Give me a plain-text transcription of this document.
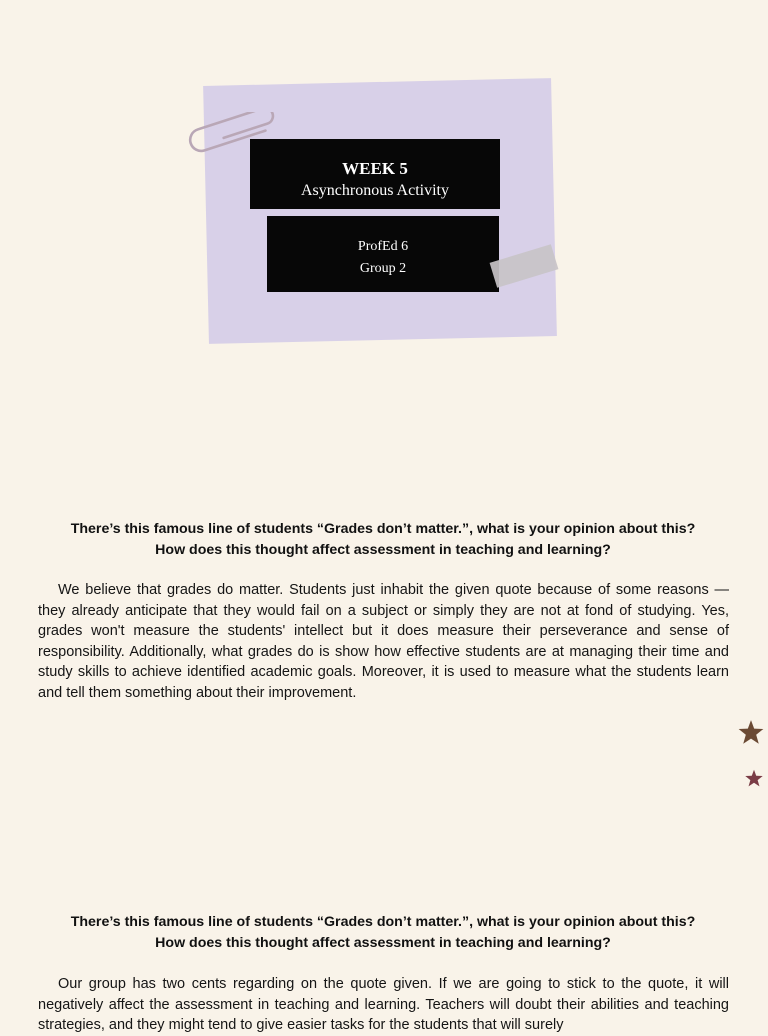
WEEK 5
Asynchronous Activity
ProfEd 6
Group 2
There’s this famous line of students “Grades don’t matter.”, what is your opinion about this?
How does this thought affect assessment in teaching and learning?

We believe that grades do matter. Students just inhabit the given quote because of some reasons — they already anticipate that they would fail on a subject or simply they are not at fond of studying. Yes, grades won't measure the students' intellect but it does measure their perseverance and sense of responsibility. Additionally, what grades do is show how effective students are at managing their time and study skills to achieve identified academic goals. Moreover, it is used to measure what the students learn and tell them something about their improvement.

There’s this famous line of students “Grades don’t matter.”, what is your opinion about this?
How does this thought affect assessment in teaching and learning?

Our group has two cents regarding on the quote given. If we are going to stick to the quote, it will negatively affect the assessment in teaching and learning. Teachers will doubt their abilities and teaching strategies, and they might tend to give easier tasks for the students that will surely
